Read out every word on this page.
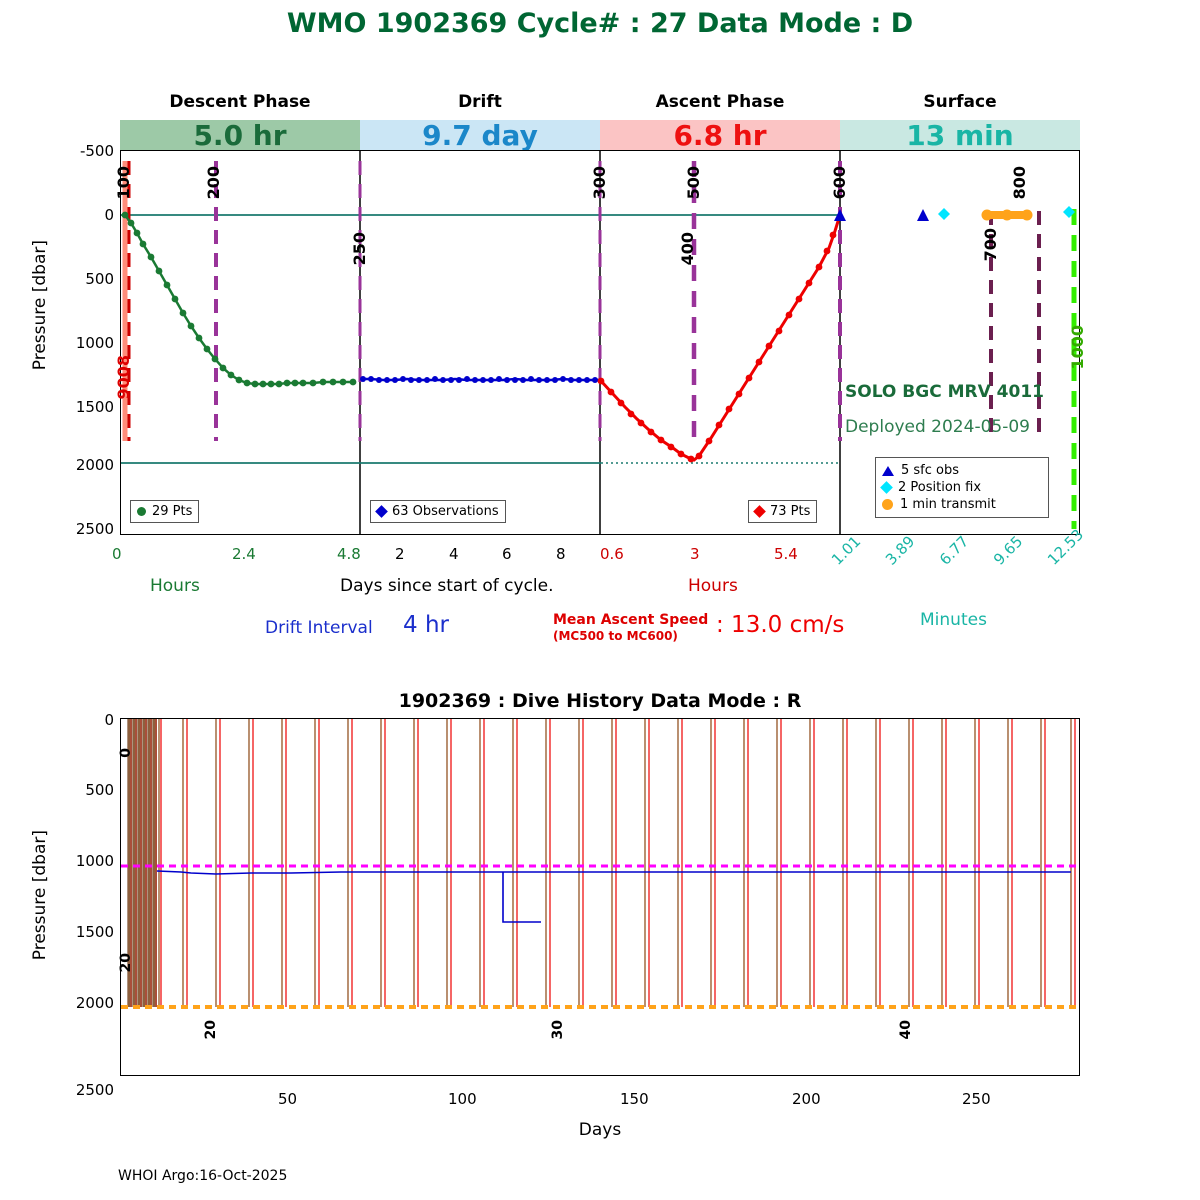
WMO 1902369 Cycle# : 27 Data Mode : D
Pressure [dbar]
Descent Phase	Drift	Ascent Phase	Surface
5.0 hr	9.7 day	6.8 hr	13 min
-500
0
500
1000
1500
2000
2500
100	200
250
300	500
400
600
700
800
1000
9008
29 Pts	63 Observations	73 Pts
5 sfc obs
2 Position fix
1 min transmit
SOLO BGC MRV 4011
Deployed 2024-05-09
0	2.4	4.8 2	4	6	8 0.6	3	5.4 1.01 3.89 6.77 9.65 12.53
Hours	Days since start of cycle.	Hours
Minutes
Drift Interval 4 hr	Mean Ascent Speed
(MC500 to MC600) : 13.0 cm/s
1902369 : Dive History Data Mode : R
Pressure [dbar]
0
500
1000
1500
2000
2500
0
20
20	30	40
50	100	150	200	250
Days
WHOI Argo:16-Oct-2025
